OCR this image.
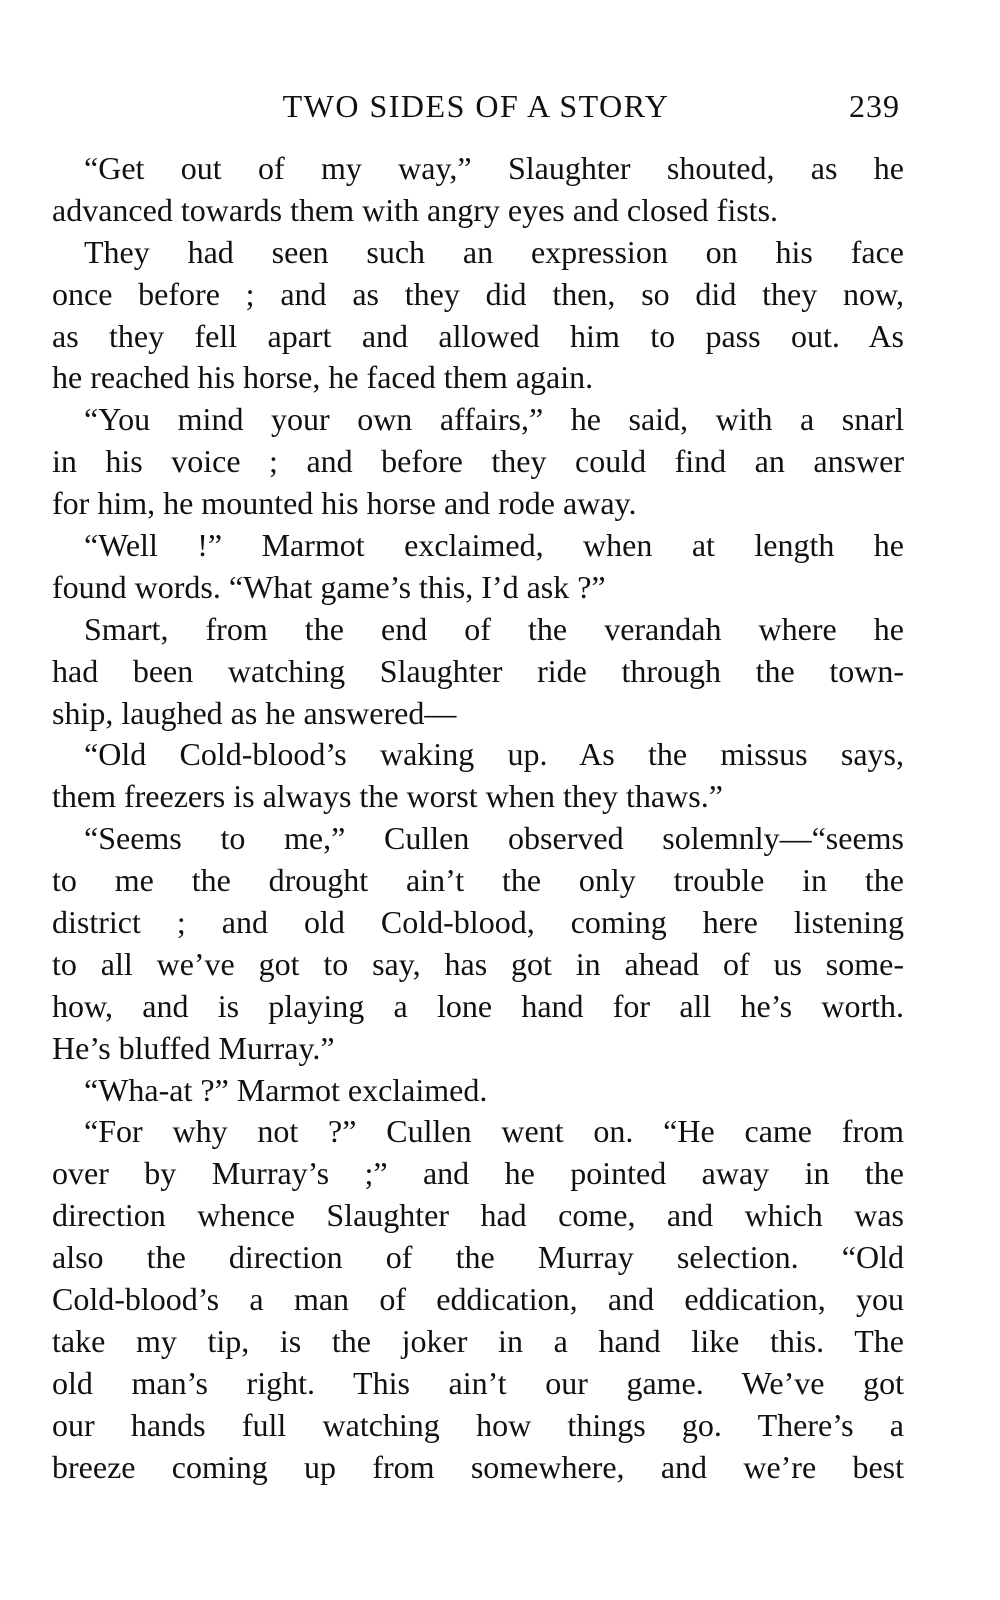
TWO SIDES OF A STORY	239
“Get out of my way,” Slaughter shouted, as he
advanced towards them with angry eyes and closed fists.
They had seen such an expression on his face
once before ; and as they did then, so did they now,
as they fell apart and allowed him to pass out. As
he reached his horse, he faced them again.
“You mind your own affairs,” he said, with a snarl
in his voice ; and before they could find an answer
for him, he mounted his horse and rode away.
“Well !” Marmot exclaimed, when at length he
found words. “What game’s this, I’d ask ?”
Smart, from the end of the verandah where he
had been watching Slaughter ride through the town-
ship, laughed as he answered—
“Old Cold-blood’s waking up. As the missus says,
them freezers is always the worst when they thaws.”
“Seems to me,” Cullen observed solemnly—“seems
to me the drought ain’t the only trouble in the
district ; and old Cold-blood, coming here listening
to all we’ve got to say, has got in ahead of us some-
how, and is playing a lone hand for all he’s worth.
He’s bluffed Murray.”
“Wha-at ?” Marmot exclaimed.
“For why not ?” Cullen went on. “He came from
over by Murray’s ;” and he pointed away in the
direction whence Slaughter had come, and which was
also the direction of the Murray selection. “Old
Cold-blood’s a man of eddication, and eddication, you
take my tip, is the joker in a hand like this. The
old man’s right. This ain’t our game. We’ve got
our hands full watching how things go. There’s a
breeze coming up from somewhere, and we’re best
